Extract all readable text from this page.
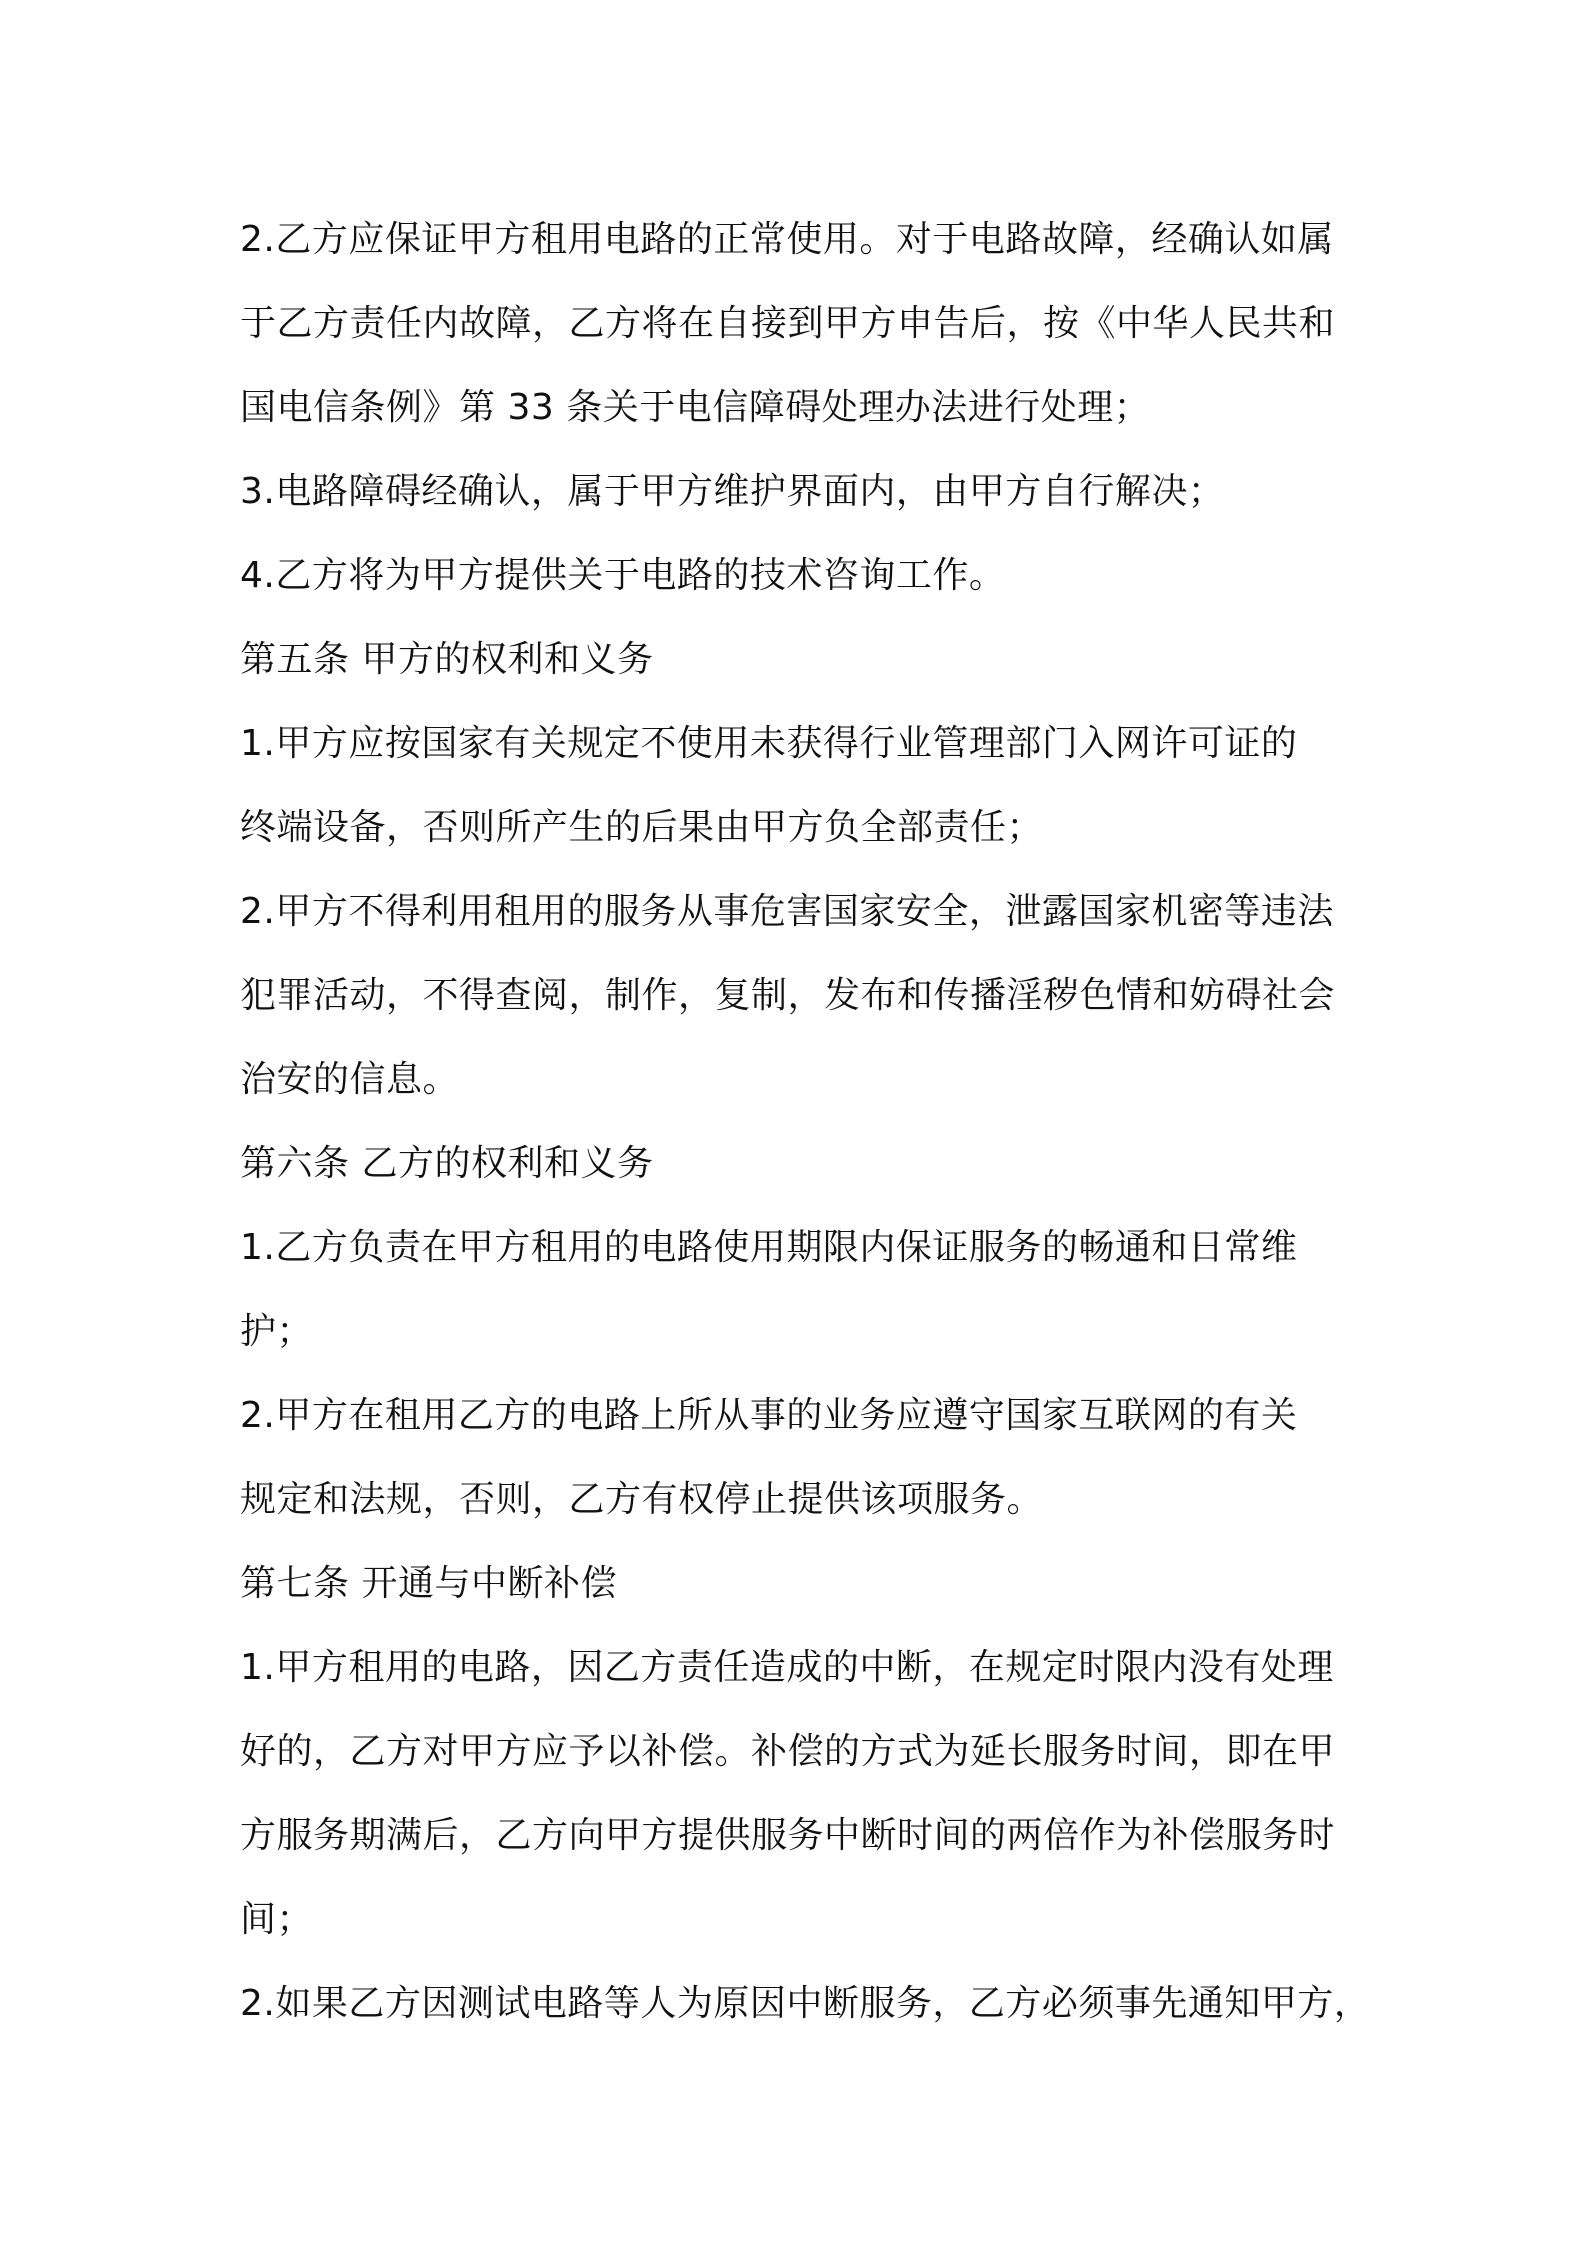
2.乙方应保证甲方租用电路的正常使用。对于电路故障，经确认如属
于乙方责任内故障，乙方将在自接到甲方申告后，按《中华人民共和
国电信条例》第 33 条关于电信障碍处理办法进行处理；
3.电路障碍经确认，属于甲方维护界面内，由甲方自行解决；
4.乙方将为甲方提供关于电路的技术咨询工作。
第五条 甲方的权利和义务
1.甲方应按国家有关规定不使用未获得行业管理部门入网许可证的
终端设备，否则所产生的后果由甲方负全部责任；
2.甲方不得利用租用的服务从事危害国家安全，泄露国家机密等违法
犯罪活动，不得查阅，制作，复制，发布和传播淫秽色情和妨碍社会
治安的信息。
第六条 乙方的权利和义务
1.乙方负责在甲方租用的电路使用期限内保证服务的畅通和日常维
护；
2.甲方在租用乙方的电路上所从事的业务应遵守国家互联网的有关
规定和法规，否则，乙方有权停止提供该项服务。
第七条 开通与中断补偿
1.甲方租用的电路，因乙方责任造成的中断，在规定时限内没有处理
好的，乙方对甲方应予以补偿。补偿的方式为延长服务时间，即在甲
方服务期满后，乙方向甲方提供服务中断时间的两倍作为补偿服务时
间；
2.如果乙方因测试电路等人为原因中断服务，乙方必须事先通知甲方，
